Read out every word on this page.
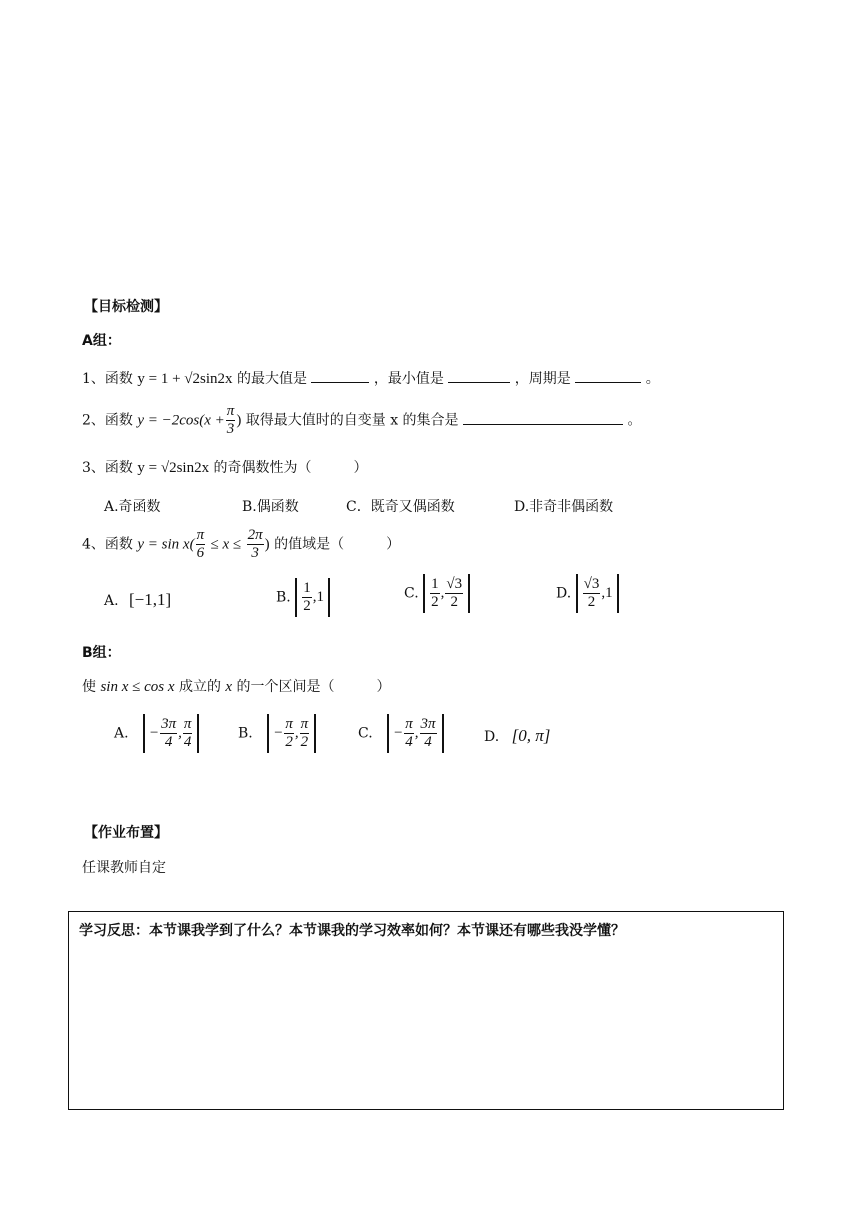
【目标检测】
A组：
1、函数 y = 1 + √2sin2x 的最大值是	，最小值是	，周期是	。
2、函数 $y = -2\cos(x + \frac{\pi}{3}$ ) 取得最大值时的自变量 x 的集合是	。
3、函数 y = √2sin2x 的奇偶数性为（　　　）
A.奇函数	B.偶函数	C．既奇又偶函数	D.非奇非偶函数
4、函数 $y = \sin x( \frac{\pi}{6} \le x \le \frac{2\pi}{3}$ ) 的值域是（　　　）
A. [−1,1]	B. $\frac{1}{2} ,1$	C. $\frac{1}{2}$ , $\frac{√3}{2}$	D. $\frac{√3}{2} ,1$
B组：
使 sin x ≤ cos x 成立的 x 的一个区间是（　　　）
A. − $\frac{3\pi}{4}$ , $\frac{\pi}{4}$	B. − $\frac{\pi}{2}$ , $\frac{\pi}{2}$	C. − $\frac{\pi}{4}$ , $\frac{3\pi}{4}$	D. [0, π]
【作业布置】
任课教师自定
学习反思：本节课我学到了什么？本节课我的学习效率如何？本节课还有哪些我没学懂？
